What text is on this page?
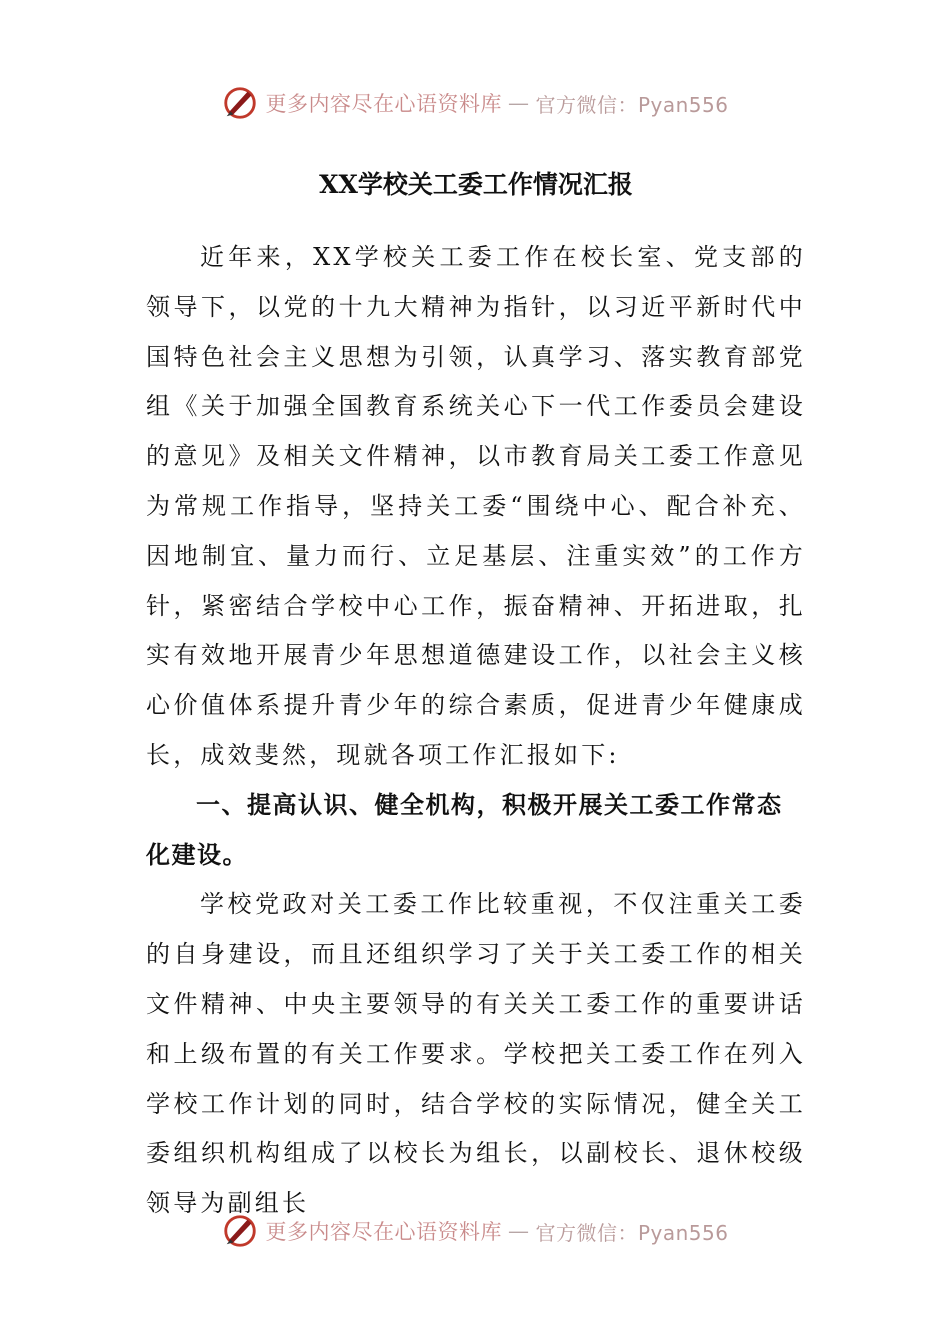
更多内容尽在心语资料库 — 官方微信：Pyan556
XX学校关工委工作情况汇报

近年来，XX学校关工委工作在校长室、党支部的领导下，以党的十九大精神为指针，以习近平新时代中国特色社会主义思想为引领，认真学习、落实教育部党组《关于加强全国教育系统关心下一代工作委员会建设的意见》及相关文件精神，以市教育局关工委工作意见为常规工作指导，坚持关工委“围绕中心、配合补充、因地制宜、量力而行、立足基层、注重实效”的工作方针，紧密结合学校中心工作，振奋精神、开拓进取，扎实有效地开展青少年思想道德建设工作，以社会主义核心价值体系提升青少年的综合素质，促进青少年健康成长，成效斐然，现就各项工作汇报如下:

一、提高认识、健全机构，积极开展关工委工作常态化建设。

学校党政对关工委工作比较重视，不仅注重关工委的自身建设，而且还组织学习了关于关工委工作的相关文件精神、中央主要领导的有关关工委工作的重要讲话和上级布置的有关工作要求。学校把关工委工作在列入学校工作计划的同时，结合学校的实际情况，健全关工委组织机构组成了以校长为组长，以副校长、退休校级领导为副组长

更多内容尽在心语资料库 — 官方微信：Pyan556
